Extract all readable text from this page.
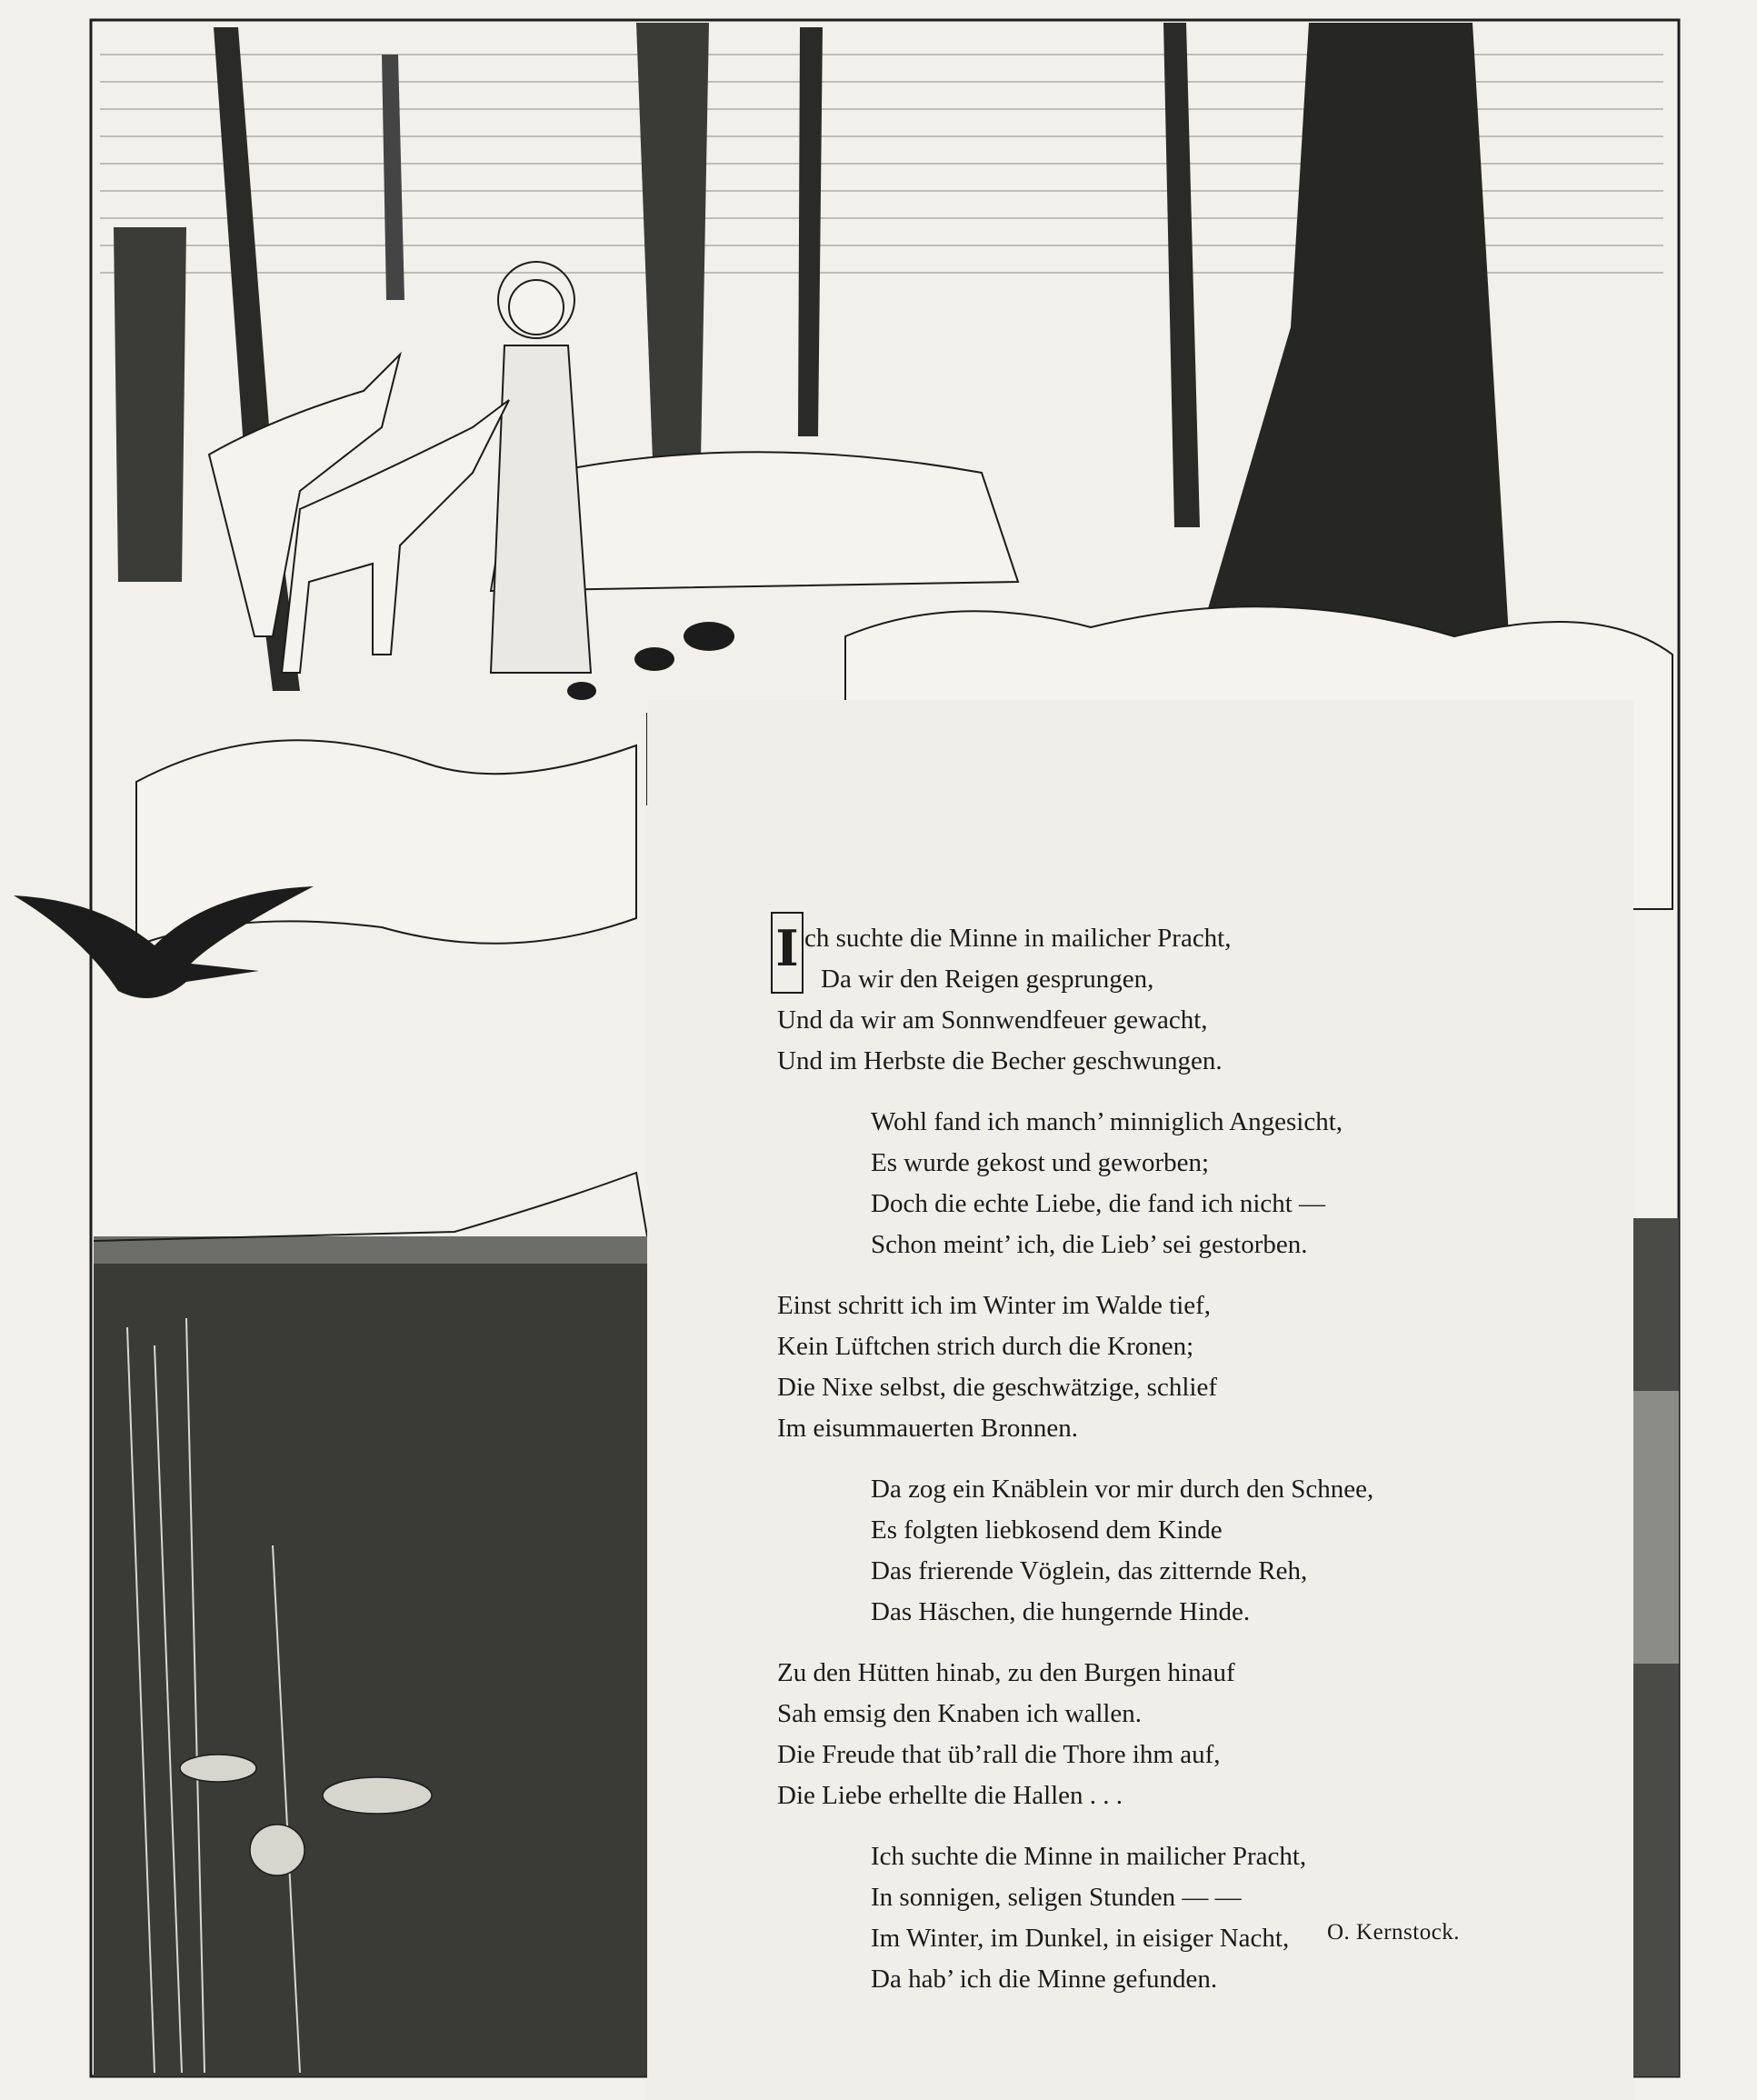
I ch suchte die Minne in mailicher Pracht,
Da wir den Reigen gesprungen,
Und da wir am Sonnwendfeuer gewacht,
Und im Herbste die Becher geschwungen.
Wohl fand ich manch’ minniglich Angesicht,
Es wurde gekost und geworben;
Doch die echte Liebe, die fand ich nicht —
Schon meint’ ich, die Lieb’ sei gestorben.
Einst schritt ich im Winter im Walde tief,
Kein Lüftchen strich durch die Kronen;
Die Nixe selbst, die geschwätzige, schlief
Im eisummauerten Bronnen.
Da zog ein Knäblein vor mir durch den Schnee,
Es folgten liebkosend dem Kinde
Das frierende Vöglein, das zitternde Reh,
Das Häschen, die hungernde Hinde.
Zu den Hütten hinab, zu den Burgen hinauf
Sah emsig den Knaben ich wallen.
Die Freude that üb’rall die Thore ihm auf,
Die Liebe erhellte die Hallen . . .
Ich suchte die Minne in mailicher Pracht,
In sonnigen, seligen Stunden — —
Im Winter, im Dunkel, in eisiger Nacht,
Da hab’ ich die Minne gefunden.
O. Kernstock.
